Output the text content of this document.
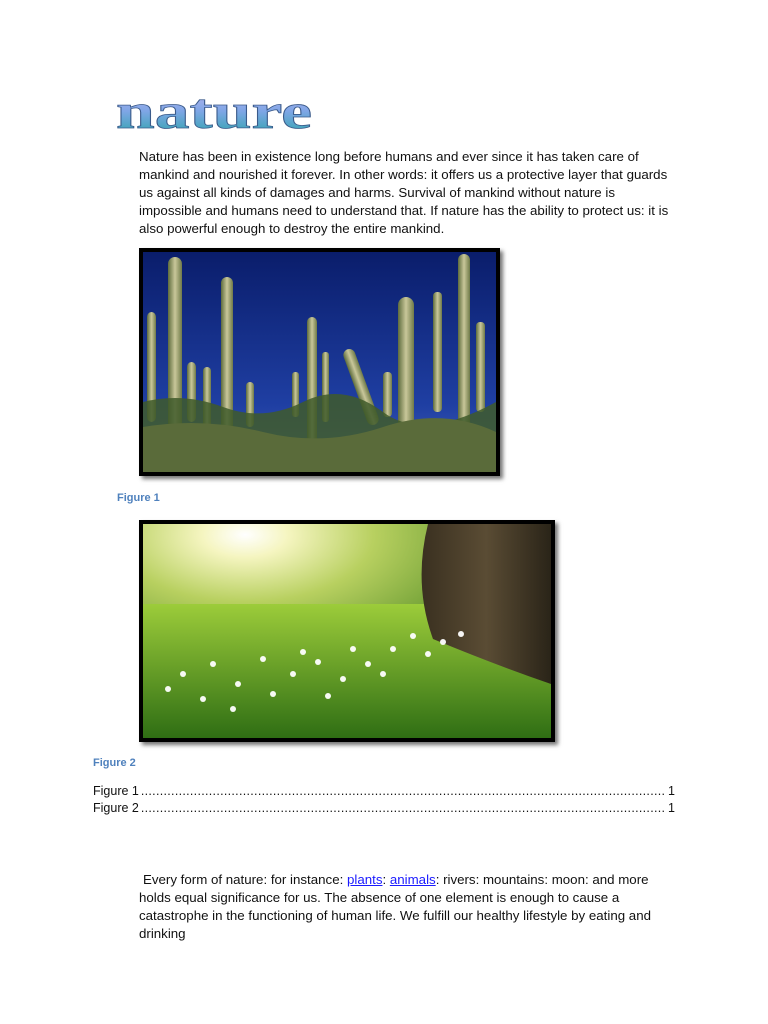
nature
Nature has been in existence long before humans and ever since it has taken care of mankind and nourished it forever. In other words: it offers us a protective layer that guards us against all kinds of damages and harms. Survival of mankind without nature is impossible and humans need to understand that. If nature has the ability to protect us: it is also powerful enough to destroy the entire mankind.
Figure 1
Figure 2
Figure 1 .....	1
Figure 2 .....	1
Every form of nature: for instance: plants: animals: rivers: mountains: moon: and more holds equal significance for us. The absence of one element is enough to cause a catastrophe in the functioning of human life. We fulfill our healthy lifestyle by eating and drinking
